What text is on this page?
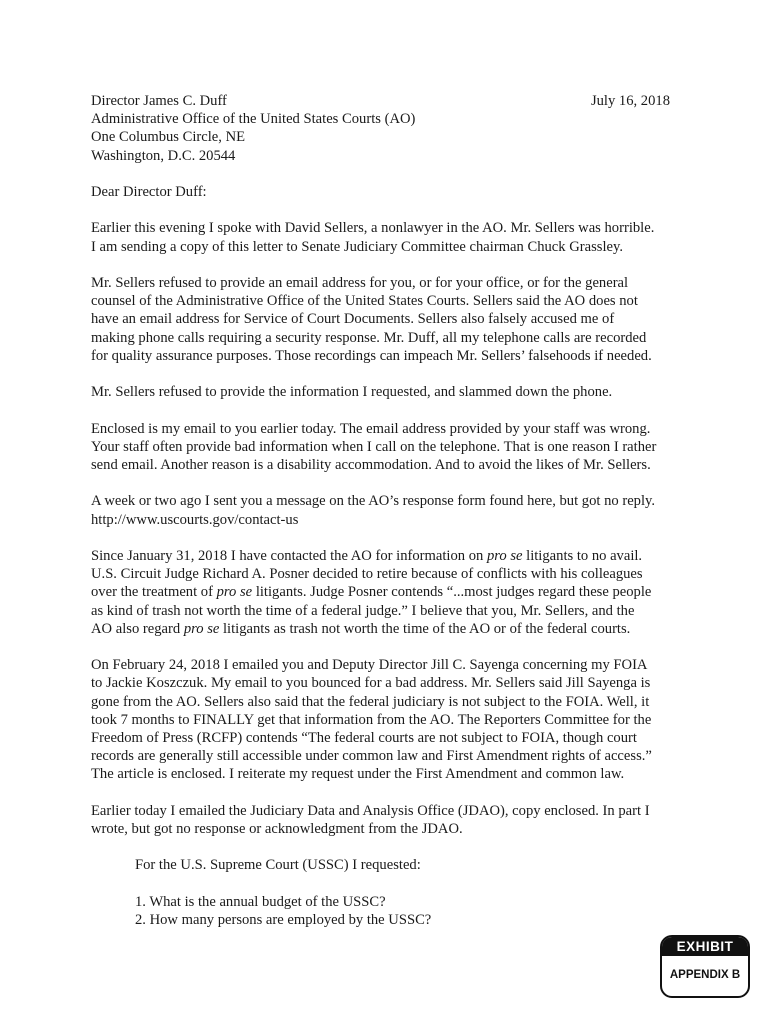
July 16, 2018
Director James C. Duff
Administrative Office of the United States Courts (AO)
One Columbus Circle, NE
Washington, D.C. 20544
Dear Director Duff:
Earlier this evening I spoke with David Sellers, a nonlawyer in the AO. Mr. Sellers was horrible.
I am sending a copy of this letter to Senate Judiciary Committee chairman Chuck Grassley.
Mr. Sellers refused to provide an email address for you, or for your office, or for the general
counsel of the Administrative Office of the United States Courts. Sellers said the AO does not
have an email address for Service of Court Documents. Sellers also falsely accused me of
making phone calls requiring a security response. Mr. Duff, all my telephone calls are recorded
for quality assurance purposes. Those recordings can impeach Mr. Sellers’ falsehoods if needed.
Mr. Sellers refused to provide the information I requested, and slammed down the phone.
Enclosed is my email to you earlier today. The email address provided by your staff was wrong.
Your staff often provide bad information when I call on the telephone. That is one reason I rather
send email. Another reason is a disability accommodation. And to avoid the likes of Mr. Sellers.
A week or two ago I sent you a message on the AO’s response form found here, but got no reply.
http://www.uscourts.gov/contact-us
Since January 31, 2018 I have contacted the AO for information on pro se litigants to no avail.
U.S. Circuit Judge Richard A. Posner decided to retire because of conflicts with his colleagues
over the treatment of pro se litigants. Judge Posner contends “...most judges regard these people
as kind of trash not worth the time of a federal judge.” I believe that you, Mr. Sellers, and the
AO also regard pro se litigants as trash not worth the time of the AO or of the federal courts.
On February 24, 2018 I emailed you and Deputy Director Jill C. Sayenga concerning my FOIA
to Jackie Koszczuk. My email to you bounced for a bad address. Mr. Sellers said Jill Sayenga is
gone from the AO. Sellers also said that the federal judiciary is not subject to the FOIA. Well, it
took 7 months to FINALLY get that information from the AO. The Reporters Committee for the
Freedom of Press (RCFP) contends “The federal courts are not subject to FOIA, though court
records are generally still accessible under common law and First Amendment rights of access.”
The article is enclosed. I reiterate my request under the First Amendment and common law.
Earlier today I emailed the Judiciary Data and Analysis Office (JDAO), copy enclosed. In part I
wrote, but got no response or acknowledgment from the JDAO.
For the U.S. Supreme Court (USSC) I requested:
1. What is the annual budget of the USSC?
2. How many persons are employed by the USSC?
EXHIBIT
APPENDIX B
